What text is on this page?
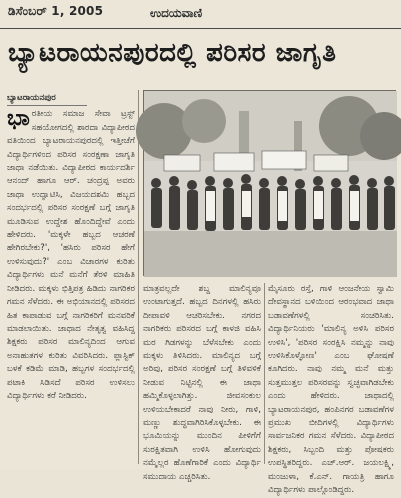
ಡಿಸೆಂಬರ್ 1, 2005	ಉದಯವಾಣಿ
ಬ್ಯಾಟರಾಯನಪುರದಲ್ಲಿ ಪರಿಸರ ಜಾಗೃತಿ
ಬ್ಯಾಟರಾಯನಪುರ

ಭಾರತೀಯ ಸಮಾಜ ಸೇವಾ ಟ್ರಸ್ಟ್ ಸಹಯೋಗದಲ್ಲಿ ಶಾರದಾ ವಿದ್ಯಾಪೀಠದ ವತಿಯಿಂದ ಬ್ಯಾಟರಾಯನಪುರದಲ್ಲಿ ಇತ್ತೀಚೆಗೆ ವಿದ್ಯಾರ್ಥಿಗಳಿಂದ ಪರಿಸರ ಸಂರಕ್ಷಣಾ ಜಾಗೃತಿ ಜಾಥಾ ನಡೆಯಿತು. ವಿದ್ಯಾಪೀಠದ ಕಾರ್ಯದರ್ಶಿ ಆನಂದ್ ಹಾಗೂ ಆರ್. ಚಂದ್ರಪ್ಪ ಅವರು ಜಾಥಾ ಉದ್ಘಾಟಿಸಿ, ವಿಜಯದಶಮಿ ಹಬ್ಬದ ಸಂದರ್ಭದಲ್ಲಿ ಪರಿಸರ ಸಂರಕ್ಷಣೆ ಬಗ್ಗೆ ಜಾಗೃತಿ ಮೂಡಿಸುವ ಉದ್ದೇಶ ಹೊಂದಿದ್ದೇವೆ ಎಂದು ಹೇಳಿದರು. 'ಮಕ್ಕಳೇ ಹಬ್ಬದ ಆಚರಣೆ ಹೇಗಿರಬೇಕು?', 'ಹಸಿರು ಪರಿಸರ ಹೇಗೆ ಉಳಿಸುವುದು?' ಎಂಬ ವಿಚಾರಗಳ ಕುರಿತು ವಿದ್ಯಾರ್ಥಿಗಳು ಮನೆ ಮನೆಗೆ ತೆರಳಿ ಮಾಹಿತಿ ನೀಡಿದರು. ಮಕ್ಕಳು ಭಿತ್ತಿಪತ್ರ ಹಿಡಿದು ನಾಗರಿಕರ ಗಮನ ಸೆಳೆದರು. ಈ ಅಭಿಯಾನದಲ್ಲಿ ಪರಿಸರದ ಹಿತ ಕಾಪಾಡುವ ಬಗ್ಗೆ ನಾಗರಿಕರಿಗೆ ಮನವರಿಕೆ ಮಾಡಲಾಯಿತು. ಜಾಥಾದ ನೇತೃತ್ವ ವಹಿಸಿದ್ದ ಶಿಕ್ಷಕರು ಪರಿಸರ ಮಾಲಿನ್ಯದಿಂದ ಆಗುವ ಅನಾಹುತಗಳ ಕುರಿತು ವಿವರಿಸಿದರು. ಪ್ಲಾಸ್ಟಿಕ್ ಬಳಕೆ ಕಡಿಮೆ ಮಾಡಿ, ಹಬ್ಬಗಳ ಸಂದರ್ಭದಲ್ಲಿ ಪಟಾಕಿ ಸಿಡಿಸದೆ ಪರಿಸರ ಉಳಿಸಲು ವಿದ್ಯಾರ್ಥಿಗಳು ಕರೆ ನೀಡಿದರು.

ಮಾತ್ರವಲ್ಲದೇ ಶಬ್ದ ಮಾಲಿನ್ಯವೂ ಉಂಟಾಗುತ್ತದೆ. ಹಬ್ಬದ ದಿನಗಳಲ್ಲಿ ಹಸಿರು ದೀಪಾವಳಿ ಆಚರಿಸಬೇಕು. ನಗರದ ನಾಗರಿಕರು ಪರಿಸರದ ಬಗ್ಗೆ ಕಾಳಜಿ ವಹಿಸಿ ಮರ ಗಿಡಗಳನ್ನು ಬೆಳೆಸಬೇಕು ಎಂದು ಮಕ್ಕಳು ತಿಳಿಸಿದರು. ಮಾಲಿನ್ಯದ ಬಗ್ಗೆ ಅರಿವು, ಪರಿಸರ ಸಂರಕ್ಷಣೆ ಬಗ್ಗೆ ತಿಳಿವಳಿಕೆ ನೀಡುವ ನಿಟ್ಟಿನಲ್ಲಿ ಈ ಜಾಥಾ ಹಮ್ಮಿಕೊಳ್ಳಲಾಗಿತ್ತು. ಜೀವಸಂಕುಲ ಉಳಿಯಬೇಕಾದರೆ ನಾವು ನೀರು, ಗಾಳಿ, ಮಣ್ಣು ಶುದ್ಧವಾಗಿರಿಸಿಕೊಳ್ಳಬೇಕು. ಈ ಭೂಮಿಯನ್ನು ಮುಂದಿನ ಪೀಳಿಗೆಗೆ ಸುರಕ್ಷಿತವಾಗಿ ಉಳಿಸಿ ಹೋಗುವುದು ನಮ್ಮೆಲ್ಲರ ಹೊಣೆಗಾರಿಕೆ ಎಂದು ವಿದ್ಯಾರ್ಥಿ ಸಮುದಾಯ ಎಚ್ಚರಿಸಿತು.

ಮೈಸೂರು ರಸ್ತೆ, ಗಾಳಿ ಆಂಜನೇಯ ಸ್ವಾಮಿ ದೇವಸ್ಥಾನದ ಬಳಿಯಿಂದ ಆರಂಭವಾದ ಜಾಥಾ ಬಡಾವಣೆಗಳಲ್ಲಿ ಸಂಚರಿಸಿತು. ವಿದ್ಯಾರ್ಥಿನಿಯರು 'ಮಾಲಿನ್ಯ ಅಳಿಸಿ ಪರಿಸರ ಉಳಿಸಿ', 'ಪರಿಸರ ಸಂರಕ್ಷಿಸಿ ನಮ್ಮನ್ನು ನಾವು ಉಳಿಸಿಕೊಳ್ಳೋಣ' ಎಂಬ ಘೋಷಣೆ ಕೂಗಿದರು. ನಾವು ನಮ್ಮ ಮನೆ ಮತ್ತು ಸುತ್ತಮುತ್ತಲ ಪರಿಸರವನ್ನು ಸ್ವಚ್ಛವಾಗಿಡಬೇಕು ಎಂದು ಹೇಳಿದರು. ಜಾಥಾದಲ್ಲಿ ಬ್ಯಾಟರಾಯನಪುರ, ಹಂಪಿನಗರ ಬಡಾವಣೆಗಳ ಪ್ರಮುಖ ಬೀದಿಗಳಲ್ಲಿ ವಿದ್ಯಾರ್ಥಿಗಳು ಸಾರ್ವಜನಿಕರ ಗಮನ ಸೆಳೆದರು. ವಿದ್ಯಾಪೀಠದ ಶಿಕ್ಷಕರು, ಸಿಬ್ಬಂದಿ ಮತ್ತು ಪೋಷಕರು ಉಪಸ್ಥಿತರಿದ್ದರು. ಎಚ್.ಆರ್. ಜಯಲಕ್ಷ್ಮಿ, ಮಂಜುಳಾ, ಕೆ.ಎನ್. ಗಾಯತ್ರಿ ಹಾಗೂ ವಿದ್ಯಾರ್ಥಿಗಳು ಪಾಲ್ಗೊಂಡಿದ್ದರು.
